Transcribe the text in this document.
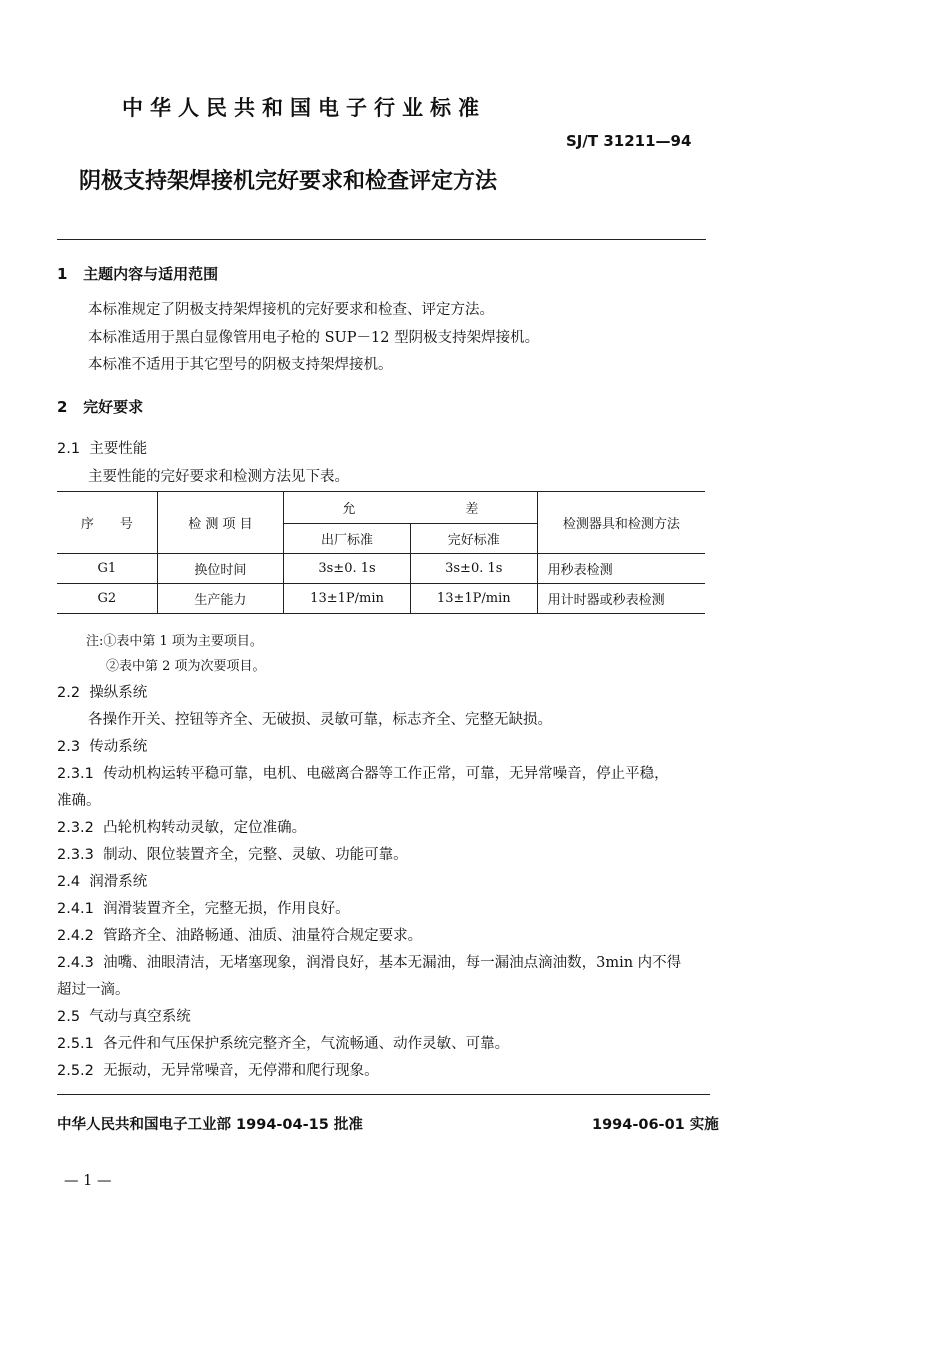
中华人民共和国电子行业标准
SJ/T 31211—94
阴极支持架焊接机完好要求和检查评定方法
1 主题内容与适用范围
本标准规定了阴极支持架焊接机的完好要求和检查、评定方法。
本标准适用于黑白显像管用电子枪的 SUP－12 型阴极支持架焊接机。
本标准不适用于其它型号的阴极支持架焊接机。
2 完好要求
2.1 主要性能
主要性能的完好要求和检测方法见下表。
序　　号	检 测 项 目	允 差		检测器具和检测方法
		出厂标准	完好标准	
G1	换位时间	3s±0. 1s	3s±0. 1s	用秒表检测
G2	生产能力	13±1P/min	13±1P/min	用计时器或秒表检测
注:①表中第 1 项为主要项目。
②表中第 2 项为次要项目。
2.2 操纵系统
各操作开关、控钮等齐全、无破损、灵敏可靠，标志齐全、完整无缺损。
2.3 传动系统
2.3.1 传动机构运转平稳可靠，电机、电磁离合器等工作正常，可靠，无异常噪音，停止平稳，
准确。
2.3.2 凸轮机构转动灵敏，定位准确。
2.3.3 制动、限位装置齐全，完整、灵敏、功能可靠。
2.4 润滑系统
2.4.1 润滑装置齐全，完整无损，作用良好。
2.4.2 管路齐全、油路畅通、油质、油量符合规定要求。
2.4.3 油嘴、油眼清洁，无堵塞现象，润滑良好，基本无漏油，每一漏油点滴油数，3min 内不得
超过一滴。
2.5 气动与真空系统
2.5.1 各元件和气压保护系统完整齐全，气流畅通、动作灵敏、可靠。
2.5.2 无振动，无异常噪音，无停滞和爬行现象。
中华人民共和国电子工业部 1994-04-15 批准	1994-06-01 实施
— 1 —
